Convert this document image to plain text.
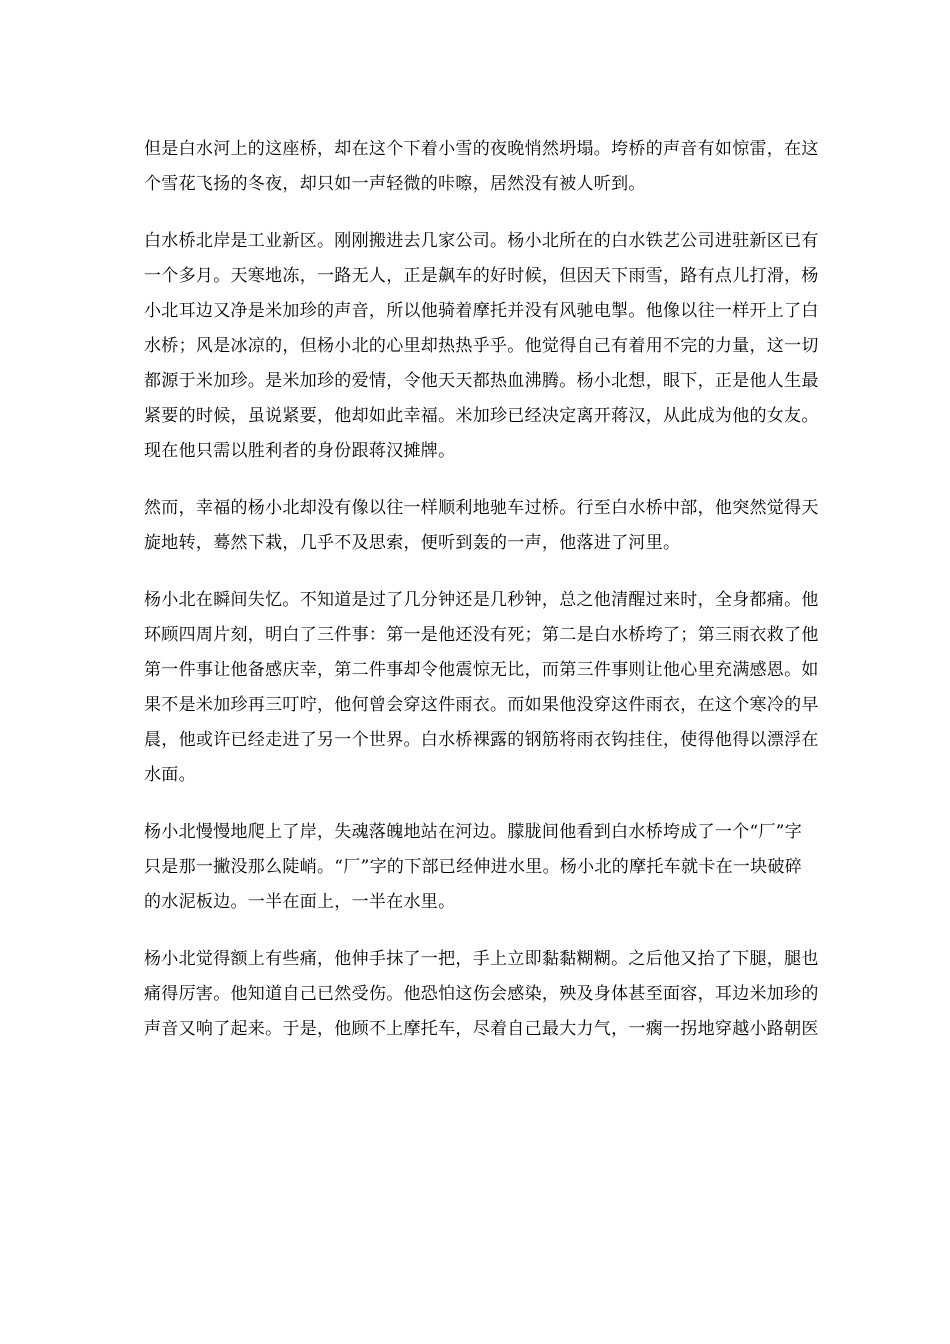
但是白水河上的这座桥，却在这个下着小雪的夜晚悄然坍塌。垮桥的声音有如惊雷，在这
个雪花飞扬的冬夜，却只如一声轻微的咔嚓，居然没有被人听到。
白水桥北岸是工业新区。刚刚搬进去几家公司。杨小北所在的白水铁艺公司进驻新区已有
一个多月。天寒地冻，一路无人，正是飙车的好时候，但因天下雨雪，路有点儿打滑，杨
小北耳边又净是米加珍的声音，所以他骑着摩托并没有风驰电掣。他像以往一样开上了白
水桥；风是冰凉的，但杨小北的心里却热热乎乎。他觉得自己有着用不完的力量，这一切
都源于米加珍。是米加珍的爱情，令他天天都热血沸腾。杨小北想，眼下，正是他人生最
紧要的时候，虽说紧要，他却如此幸福。米加珍已经决定离开蒋汉，从此成为他的女友。
现在他只需以胜利者的身份跟蒋汉摊牌。
然而，幸福的杨小北却没有像以往一样顺利地驰车过桥。行至白水桥中部，他突然觉得天
旋地转，蓦然下栽，几乎不及思索，便听到轰的一声，他落进了河里。
杨小北在瞬间失忆。不知道是过了几分钟还是几秒钟，总之他清醒过来时，全身都痛。他
环顾四周片刻，明白了三件事：第一是他还没有死；第二是白水桥垮了；第三雨衣救了他
第一件事让他备感庆幸，第二件事却令他震惊无比，而第三件事则让他心里充满感恩。如
果不是米加珍再三叮咛，他何曾会穿这件雨衣。而如果他没穿这件雨衣，在这个寒冷的早
晨，他或许已经走进了另一个世界。白水桥裸露的钢筋将雨衣钩挂住，使得他得以漂浮在
水面。
杨小北慢慢地爬上了岸，失魂落魄地站在河边。朦胧间他看到白水桥垮成了一个“厂”字
只是那一撇没那么陡峭。“厂”字的下部已经伸进水里。杨小北的摩托车就卡在一块破碎
的水泥板边。一半在面上，一半在水里。
杨小北觉得额上有些痛，他伸手抹了一把，手上立即黏黏糊糊。之后他又抬了下腿，腿也
痛得厉害。他知道自己已然受伤。他恐怕这伤会感染，殃及身体甚至面容，耳边米加珍的
声音又响了起来。于是，他顾不上摩托车，尽着自己最大力气，一瘸一拐地穿越小路朝医
